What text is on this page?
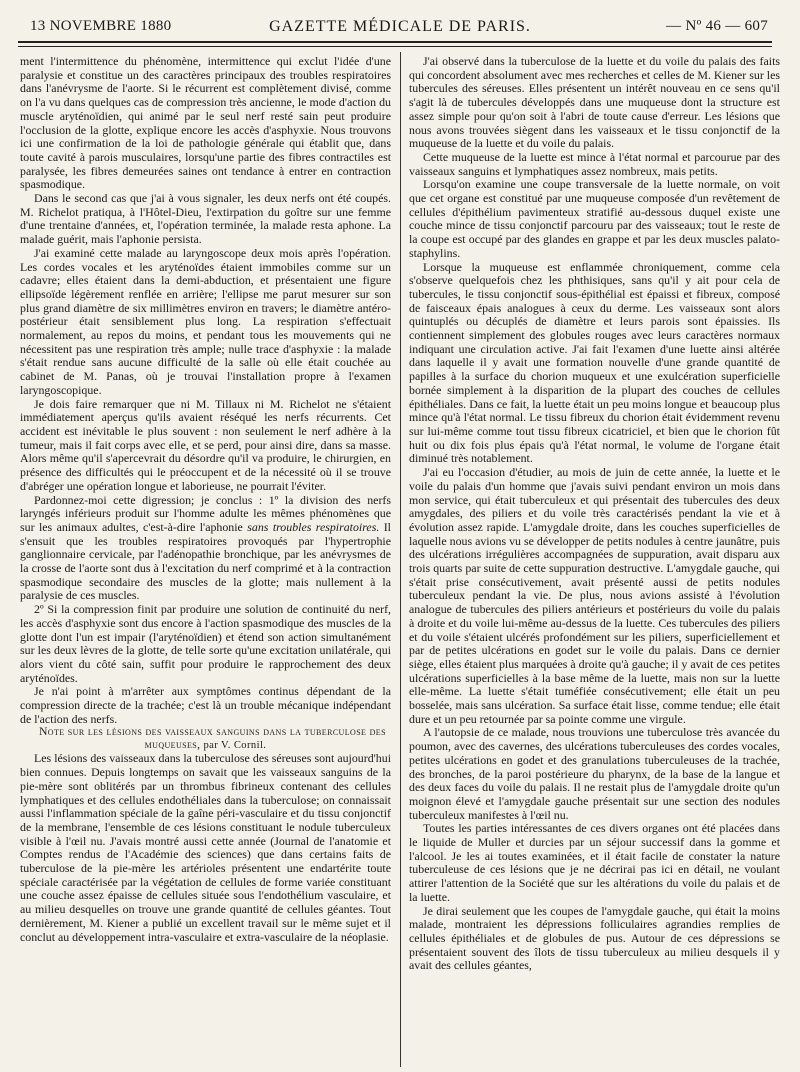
13 NOVEMBRE 1880	GAZETTE MÉDICALE DE PARIS.	— Nº 46 — 607

ment l'intermittence du phénomène, intermittence qui exclut l'idée d'une paralysie et constitue un des caractères principaux des troubles respiratoires dans l'anévrysme de l'aorte. Si le récurrent est complètement divisé, comme on l'a vu dans quelques cas de compression très ancienne, le mode d'action du muscle aryténoïdien, qui animé par le seul nerf resté sain peut produire l'occlusion de la glotte, explique encore les accès d'asphyxie. Nous trouvons ici une confirmation de la loi de pathologie générale qui établit que, dans toute cavité à parois musculaires, lorsqu'une partie des fibres contractiles est paralysée, les fibres demeurées saines ont tendance à entrer en contraction spasmodique.

Dans le second cas que j'ai à vous signaler, les deux nerfs ont été coupés. M. Richelot pratiqua, à l'Hôtel-Dieu, l'extirpation du goître sur une femme d'une trentaine d'années, et, l'opération terminée, la malade resta aphone. La malade guérit, mais l'aphonie persista.

J'ai examiné cette malade au laryngoscope deux mois après l'opération. Les cordes vocales et les aryténoïdes étaient immobiles comme sur un cadavre; elles étaient dans la demi-abduction, et présentaient une figure ellipsoïde légèrement renflée en arrière; l'ellipse me parut mesurer sur son plus grand diamètre de six millimètres environ en travers; le diamètre antéro-postérieur était sensiblement plus long. La respiration s'effectuait normalement, au repos du moins, et pendant tous les mouvements qui ne nécessitent pas une respiration très ample; nulle trace d'asphyxie : la malade s'était rendue sans aucune difficulté de la salle où elle était couchée au cabinet de M. Panas, où je trouvai l'installation propre à l'examen laryngoscopique.

Je dois faire remarquer que ni M. Tillaux ni M. Richelot ne s'étaient immédiatement aperçus qu'ils avaient réséqué les nerfs récurrents. Cet accident est inévitable le plus souvent : non seulement le nerf adhère à la tumeur, mais il fait corps avec elle, et se perd, pour ainsi dire, dans sa masse. Alors même qu'il s'apercevrait du désordre qu'il va produire, le chirurgien, en présence des difficultés qui le préoccupent et de la nécessité où il se trouve d'abréger une opération longue et laborieuse, ne pourrait l'éviter.

Pardonnez-moi cette digression; je conclus : 1º la division des nerfs laryngés inférieurs produit sur l'homme adulte les mêmes phénomènes que sur les animaux adultes, c'est-à-dire l'aphonie sans troubles respiratoires. Il s'ensuit que les troubles respiratoires provoqués par l'hypertrophie ganglionnaire cervicale, par l'adénopathie bronchique, par les anévrysmes de la crosse de l'aorte sont dus à l'excitation du nerf comprimé et à la contraction spasmodique secondaire des muscles de la glotte; mais nullement à la paralysie de ces muscles.

2º Si la compression finit par produire une solution de continuité du nerf, les accès d'asphyxie sont dus encore à l'action spasmodique des muscles de la glotte dont l'un est impair (l'aryténoïdien) et étend son action simultanément sur les deux lèvres de la glotte, de telle sorte qu'une excitation unilatérale, qui alors vient du côté sain, suffit pour produire le rapprochement des deux aryténoïdes.

Je n'ai point à m'arrêter aux symptômes continus dépendant de la compression directe de la trachée; c'est là un trouble mécanique indépendant de l'action des nerfs.

Note sur les lésions des vaisseaux sanguins dans la tuberculose des muqueuses, par V. Cornil.

Les lésions des vaisseaux dans la tuberculose des séreuses sont aujourd'hui bien connues. Depuis longtemps on savait que les vaisseaux sanguins de la pie-mère sont oblitérés par un thrombus fibrineux contenant des cellules lymphatiques et des cellules endothéliales dans la tuberculose; on connaissait aussi l'inflammation spéciale de la gaîne péri-vasculaire et du tissu conjonctif de la membrane, l'ensemble de ces lésions constituant le nodule tuberculeux visible à l'œil nu. J'avais montré aussi cette année (Journal de l'anatomie et Comptes rendus de l'Académie des sciences) que dans certains faits de tuberculose de la pie-mère les artérioles présentent une endartérite toute spéciale caractérisée par la végétation de cellules de forme variée constituant une couche assez épaisse de cellules située sous l'endothélium vasculaire, et au milieu desquelles on trouve une grande quantité de cellules géantes. Tout dernièrement, M. Kiener a publié un excellent travail sur le même sujet et il conclut au développement intra-vasculaire et extra-vasculaire de la néoplasie.

J'ai observé dans la tuberculose de la luette et du voile du palais des faits qui concordent absolument avec mes recherches et celles de M. Kiener sur les tubercules des séreuses. Elles présentent un intérêt nouveau en ce sens qu'il s'agit là de tubercules développés dans une muqueuse dont la structure est assez simple pour qu'on soit à l'abri de toute cause d'erreur. Les lésions que nous avons trouvées siègent dans les vaisseaux et le tissu conjonctif de la muqueuse de la luette et du voile du palais.

Cette muqueuse de la luette est mince à l'état normal et parcourue par des vaisseaux sanguins et lymphatiques assez nombreux, mais petits.

Lorsqu'on examine une coupe transversale de la luette normale, on voit que cet organe est constitué par une muqueuse composée d'un revêtement de cellules d'épithélium pavimenteux stratifié au-dessous duquel existe une couche mince de tissu conjonctif parcouru par des vaisseaux; tout le reste de la coupe est occupé par des glandes en grappe et par les deux muscles palato-staphylins.

Lorsque la muqueuse est enflammée chroniquement, comme cela s'observe quelquefois chez les phthisiques, sans qu'il y ait pour cela de tubercules, le tissu conjonctif sous-épithélial est épaissi et fibreux, composé de faisceaux épais analogues à ceux du derme. Les vaisseaux sont alors quintuplés ou décuplés de diamètre et leurs parois sont épaissies. Ils contiennent simplement des globules rouges avec leurs caractères normaux indiquant une circulation active. J'ai fait l'examen d'une luette ainsi altérée dans laquelle il y avait une formation nouvelle d'une grande quantité de papilles à la surface du chorion muqueux et une exulcération superficielle bornée simplement à la disparition de la plupart des couches de cellules épithéliales. Dans ce fait, la luette était un peu moins longue et beaucoup plus mince qu'à l'état normal. Le tissu fibreux du chorion était évidemment revenu sur lui-même comme tout tissu fibreux cicatriciel, et bien que le chorion fût huit ou dix fois plus épais qu'à l'état normal, le volume de l'organe était diminué très notablement.

J'ai eu l'occasion d'étudier, au mois de juin de cette année, la luette et le voile du palais d'un homme que j'avais suivi pendant environ un mois dans mon service, qui était tuberculeux et qui présentait des tubercules des deux amygdales, des piliers et du voile très caractérisés pendant la vie et à évolution assez rapide. L'amygdale droite, dans les couches superficielles de laquelle nous avions vu se développer de petits nodules à centre jaunâtre, puis des ulcérations irrégulières accompagnées de suppuration, avait disparu aux trois quarts par suite de cette suppuration destructive. L'amygdale gauche, qui s'était prise consécutivement, avait présenté aussi de petits nodules tuberculeux pendant la vie. De plus, nous avions assisté à l'évolution analogue de tubercules des piliers antérieurs et postérieurs du voile du palais à droite et du voile lui-même au-dessus de la luette. Ces tubercules des piliers et du voile s'étaient ulcérés profondément sur les piliers, superficiellement et par de petites ulcérations en godet sur le voile du palais. Dans ce dernier siège, elles étaient plus marquées à droite qu'à gauche; il y avait de ces petites ulcérations superficielles à la base même de la luette, mais non sur la luette elle-même. La luette s'était tuméfiée consécutivement; elle était un peu bosselée, mais sans ulcération. Sa surface était lisse, comme tendue; elle était dure et un peu retournée par sa pointe comme une virgule.

A l'autopsie de ce malade, nous trouvions une tuberculose très avancée du poumon, avec des cavernes, des ulcérations tuberculeuses des cordes vocales, petites ulcérations en godet et des granulations tuberculeuses de la trachée, des bronches, de la paroi postérieure du pharynx, de la base de la langue et des deux faces du voile du palais. Il ne restait plus de l'amygdale droite qu'un moignon élevé et l'amygdale gauche présentait sur une section des nodules tuberculeux manifestes à l'œil nu.

Toutes les parties intéressantes de ces divers organes ont été placées dans le liquide de Muller et durcies par un séjour successif dans la gomme et l'alcool. Je les ai toutes examinées, et il était facile de constater la nature tuberculeuse de ces lésions que je ne décrirai pas ici en détail, ne voulant attirer l'attention de la Société que sur les altérations du voile du palais et de la luette.

Je dirai seulement que les coupes de l'amygdale gauche, qui était la moins malade, montraient les dépressions folliculaires agrandies remplies de cellules épithéliales et de globules de pus. Autour de ces dépressions se présentaient souvent des îlots de tissu tuberculeux au milieu desquels il y avait des cellules géantes,
